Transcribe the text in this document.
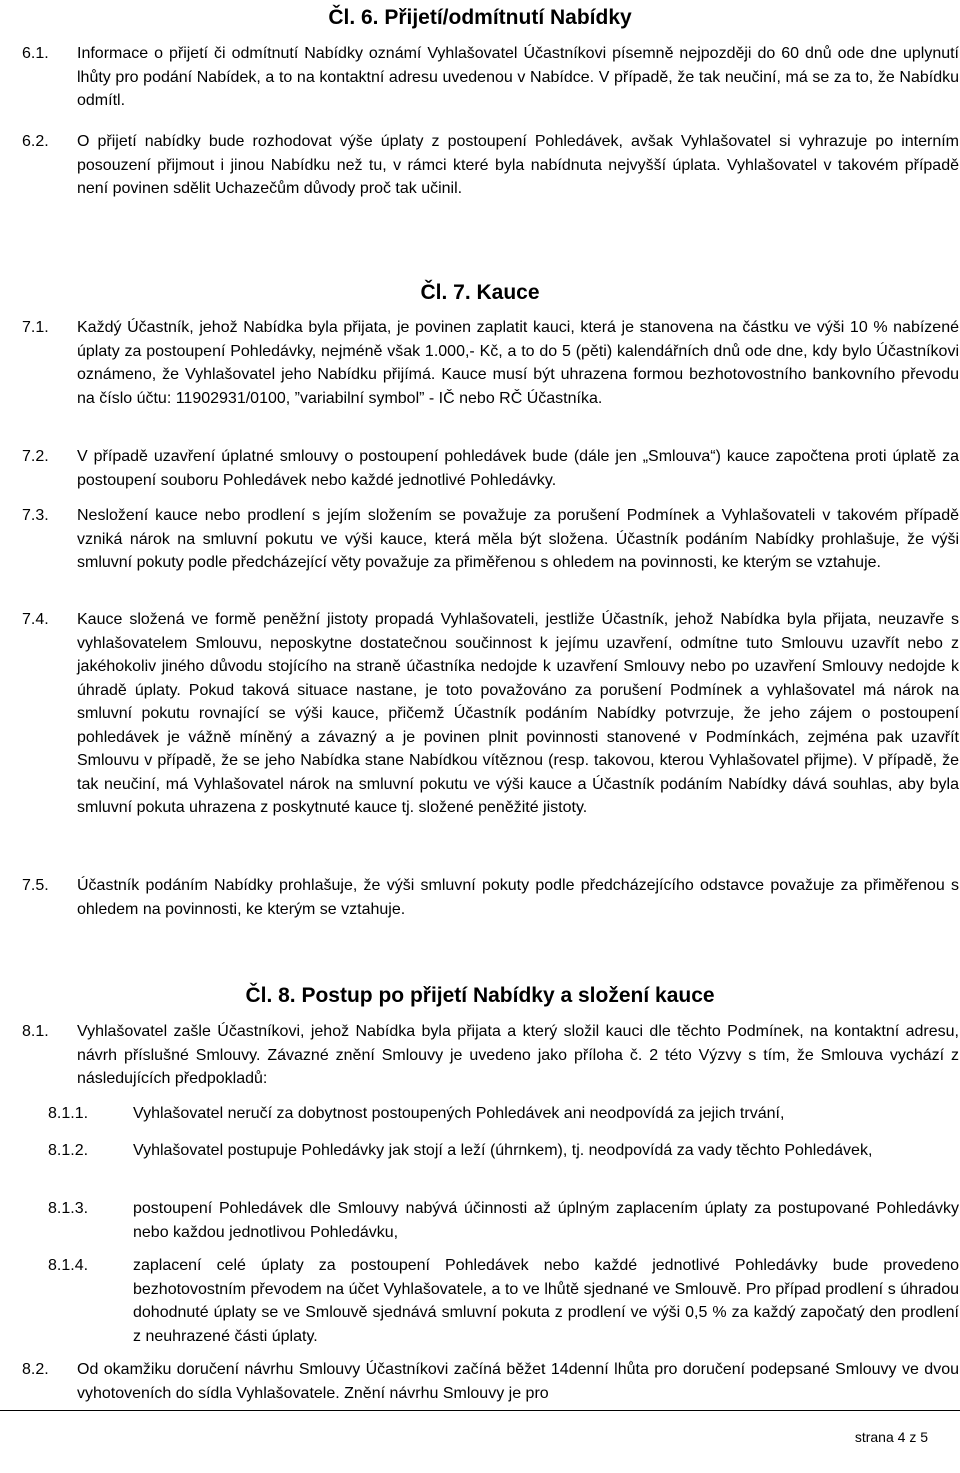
Čl. 6. Přijetí/odmítnutí Nabídky
6.1. Informace o přijetí či odmítnutí Nabídky oznámí Vyhlašovatel Účastníkovi písemně nejpozději do 60 dnů ode dne uplynutí lhůty pro podání Nabídek, a to na kontaktní adresu uvedenou v Nabídce. V případě, že tak neučiní, má se za to, že Nabídku odmítl.

6.2. O přijetí nabídky bude rozhodovat výše úplaty z postoupení Pohledávek, avšak Vyhlašovatel si vyhrazuje po interním posouzení přijmout i jinou Nabídku než tu, v rámci které byla nabídnuta nejvyšší úplata. Vyhlašovatel v takovém případě není povinen sdělit Uchazečům důvody proč tak učinil.

Čl. 7. Kauce
7.1. Každý Účastník, jehož Nabídka byla přijata, je povinen zaplatit kauci, která je stanovena na částku ve výši 10 % nabízené úplaty za postoupení Pohledávky, nejméně však 1.000,- Kč, a to do 5 (pěti) kalendářních dnů ode dne, kdy bylo Účastníkovi oznámeno, že Vyhlašovatel jeho Nabídku přijímá. Kauce musí být uhrazena formou bezhotovostního bankovního převodu na číslo účtu: 11902931/0100, ”variabilní symbol” - IČ nebo RČ Účastníka.

7.2. V případě uzavření úplatné smlouvy o postoupení pohledávek bude (dále jen „Smlouva“) kauce započtena proti úplatě za postoupení souboru Pohledávek nebo každé jednotlivé Pohledávky.

7.3. Nesložení kauce nebo prodlení s jejím složením se považuje za porušení Podmínek a Vyhlašovateli v takovém případě vzniká nárok na smluvní pokutu ve výši kauce, která měla být složena. Účastník podáním Nabídky prohlašuje, že výši smluvní pokuty podle předcházející věty považuje za přiměřenou s ohledem na povinnosti, ke kterým se vztahuje.

7.4. Kauce složená ve formě peněžní jistoty propadá Vyhlašovateli, jestliže Účastník, jehož Nabídka byla přijata, neuzavře s vyhlašovatelem Smlouvu, neposkytne dostatečnou součinnost k jejímu uzavření, odmítne tuto Smlouvu uzavřít nebo z jakéhokoliv jiného důvodu stojícího na straně účastníka nedojde k uzavření Smlouvy nebo po uzavření Smlouvy nedojde k úhradě úplaty. Pokud taková situace nastane, je toto považováno za porušení Podmínek a vyhlašovatel má nárok na smluvní pokutu rovnající se výši kauce, přičemž Účastník podáním Nabídky potvrzuje, že jeho zájem o postoupení pohledávek je vážně míněný a závazný a je povinen plnit povinnosti stanovené v Podmínkách, zejména pak uzavřít Smlouvu v případě, že se jeho Nabídka stane Nabídkou vítěznou (resp. takovou, kterou Vyhlašovatel přijme). V případě, že tak neučiní, má Vyhlašovatel nárok na smluvní pokutu ve výši kauce a Účastník podáním Nabídky dává souhlas, aby byla smluvní pokuta uhrazena z poskytnuté kauce tj. složené peněžité jistoty.

7.5. Účastník podáním Nabídky prohlašuje, že výši smluvní pokuty podle předcházejícího odstavce považuje za přiměřenou s ohledem na povinnosti, ke kterým se vztahuje.

Čl. 8. Postup po přijetí Nabídky a složení kauce
8.1. Vyhlašovatel zašle Účastníkovi, jehož Nabídka byla přijata a který složil kauci dle těchto Podmínek, na kontaktní adresu, návrh příslušné Smlouvy. Závazné znění Smlouvy je uvedeno jako příloha č. 2 této Výzvy s tím, že Smlouva vychází z následujících předpokladů:

8.1.1.	Vyhlašovatel neručí za dobytnost postoupených Pohledávek ani neodpovídá za jejich trvání,

8.1.2.	Vyhlašovatel postupuje Pohledávky jak stojí a leží (úhrnkem), tj. neodpovídá za vady těchto Pohledávek,

8.1.3.	postoupení Pohledávek dle Smlouvy nabývá účinnosti až úplným zaplacením úplaty za postupované Pohledávky nebo každou jednotlivou Pohledávku,

8.1.4.	zaplacení celé úplaty za postoupení Pohledávek nebo každé jednotlivé Pohledávky bude provedeno bezhotovostním převodem na účet Vyhlašovatele, a to ve lhůtě sjednané ve Smlouvě. Pro případ prodlení s úhradou dohodnuté úplaty se ve Smlouvě sjednává smluvní pokuta z prodlení ve výši 0,5 % za každý započatý den prodlení z neuhrazené části úplaty.

8.2. Od okamžiku doručení návrhu Smlouvy Účastníkovi začíná běžet 14denní lhůta pro doručení podepsané Smlouvy ve dvou vyhotoveních do sídla Vyhlašovatele. Znění návrhu Smlouvy je pro

strana 4 z 5
